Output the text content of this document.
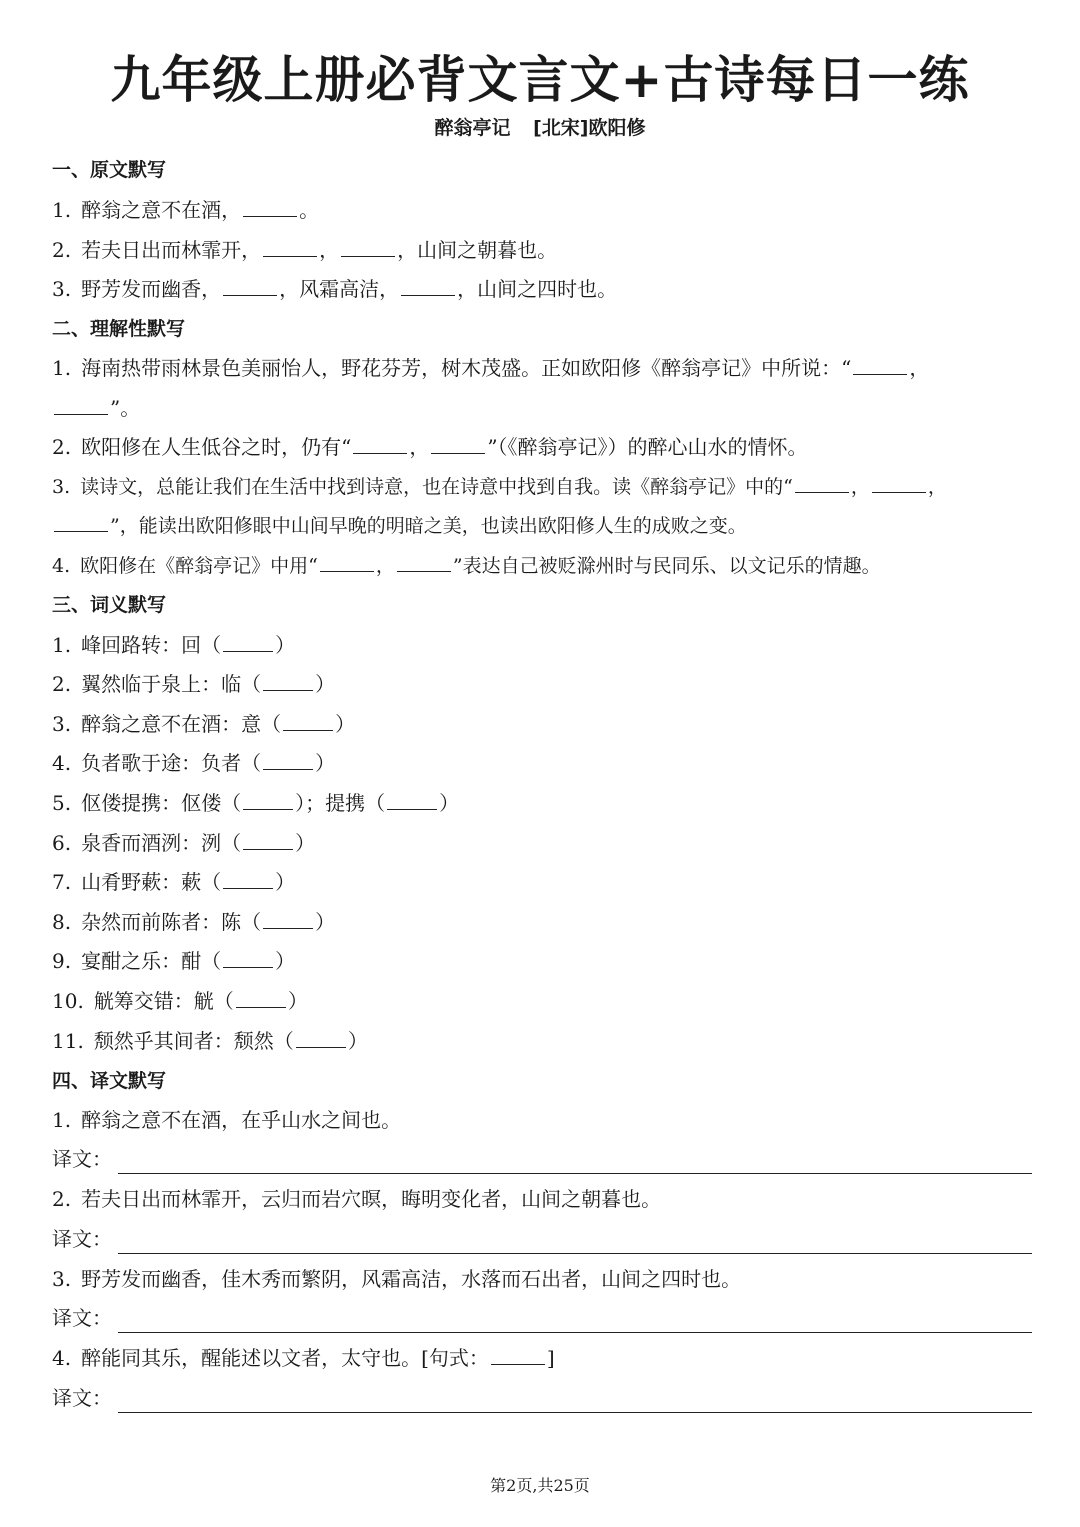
九年级上册必背文言文+古诗每日一练
醉翁亭记 [北宋]欧阳修
一、原文默写
1. 醉翁之意不在酒，	。
2. 若夫日出而林霏开，	，	，山间之朝暮也。
3. 野芳发而幽香，	，风霜高洁，	，山间之四时也。
二、理解性默写
1. 海南热带雨林景色美丽怡人，野花芬芳，树木茂盛。正如欧阳修《醉翁亭记》中所说：“	，
”。
2. 欧阳修在人生低谷之时，仍有“	，	”（《醉翁亭记》）的醉心山水的情怀。
3. 读诗文，总能让我们在生活中找到诗意，也在诗意中找到自我。读《醉翁亭记》中的“	，	，
”，能读出欧阳修眼中山间早晚的明暗之美，也读出欧阳修人生的成败之变。
4. 欧阳修在《醉翁亭记》中用“	，	”表达自己被贬滁州时与民同乐、以文记乐的情趣。
三、词义默写
1. 峰回路转：回（	）
2. 翼然临于泉上：临（	）
3. 醉翁之意不在酒：意（	）
4. 负者歌于途：负者（	）
5. 伛偻提携：伛偻（	）；提携（	）
6. 泉香而酒洌：洌（	）
7. 山肴野蔌：蔌（	）
8. 杂然而前陈者：陈（	）
9. 宴酣之乐：酣（	）
10. 觥筹交错：觥（	）
11. 颓然乎其间者：颓然（	）
四、译文默写
1. 醉翁之意不在酒，在乎山水之间也。
译文：
2. 若夫日出而林霏开，云归而岩穴暝，晦明变化者，山间之朝暮也。
译文：
3. 野芳发而幽香，佳木秀而繁阴，风霜高洁，水落而石出者，山间之四时也。
译文：
4. 醉能同其乐，醒能述以文者，太守也。[句式：	]
译文：
第2页,共25页
